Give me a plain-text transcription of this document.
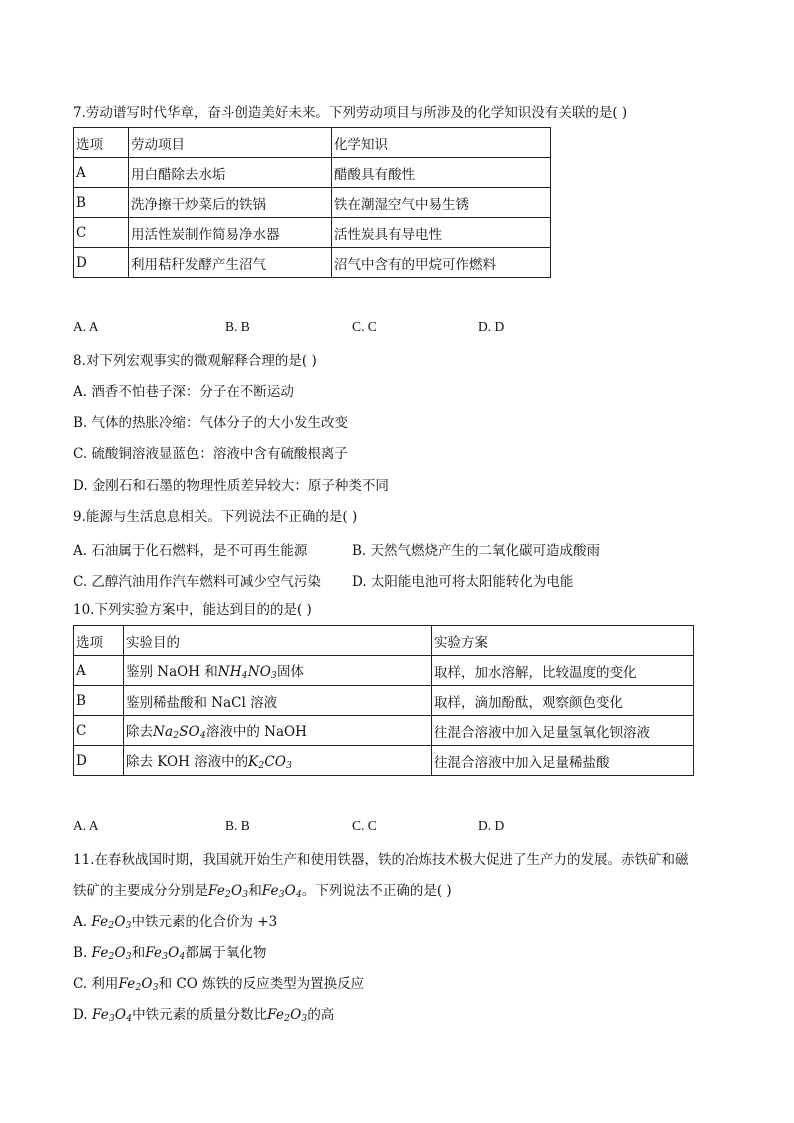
7.劳动谱写时代华章，奋斗创造美好未来。下列劳动项目与所涉及的化学知识没有关联的是( )
选项	劳动项目	化学知识
A	用白醋除去水垢	醋酸具有酸性
B	洗净擦干炒菜后的铁锅	铁在潮湿空气中易生锈
C	用活性炭制作简易净水器	活性炭具有导电性
D	利用秸秆发酵产生沼气	沼气中含有的甲烷可作燃料
A. A	B. B	C. C	D. D
8.对下列宏观事实的微观解释合理的是( )
A. 酒香不怕巷子深：分子在不断运动
B. 气体的热胀冷缩：气体分子的大小发生改变
C. 硫酸铜溶液显蓝色：溶液中含有硫酸根离子
D. 金刚石和石墨的物理性质差异较大：原子种类不同
9.能源与生活息息相关。下列说法不正确的是( )
A. 石油属于化石燃料，是不可再生能源	B. 天然气燃烧产生的二氧化碳可造成酸雨
C. 乙醇汽油用作汽车燃料可减少空气污染 D. 太阳能电池可将太阳能转化为电能
10.下列实验方案中，能达到目的的是( )
选项	实验目的	实验方案
A	鉴别 NaOH 和$NH_4NO_3$固体	取样，加水溶解，比较温度的变化
B	鉴别稀盐酸和 NaCl 溶液	取样，滴加酚酞，观察颜色变化
C	除去$Na_2SO_4$溶液中的 NaOH	往混合溶液中加入足量氢氧化钡溶液
D	除去 KOH 溶液中的$K_2CO_3$	往混合溶液中加入足量稀盐酸
A. A	B. B	C. C	D. D
11.在春秋战国时期，我国就开始生产和使用铁器，铁的冶炼技术极大促进了生产力的发展。赤铁矿和磁
铁矿的主要成分分别是$Fe_2O_3$和$Fe_3O_4$。下列说法不正确的是( )
A. $Fe_2O_3$中铁元素的化合价为 +3
B. $Fe_2O_3$和$Fe_3O_4$都属于氧化物
C. 利用$Fe_2O_3$和 CO 炼铁的反应类型为置换反应
D. $Fe_3O_4$中铁元素的质量分数比$Fe_2O_3$的高
